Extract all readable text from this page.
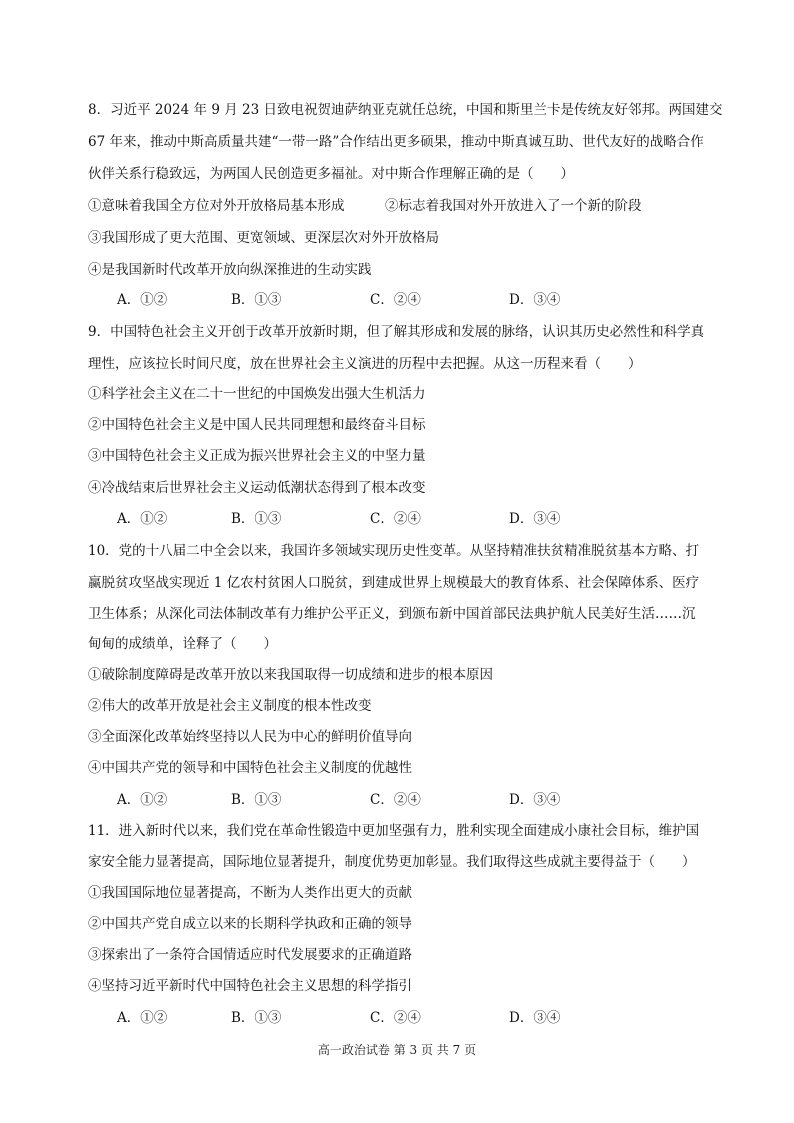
8．习近平 2024 年 9 月 23 日致电祝贺迪萨纳亚克就任总统，中国和斯里兰卡是传统友好邻邦。两国建交
67 年来，推动中斯高质量共建“一带一路”合作结出更多硕果，推动中斯真诚互助、世代友好的战略合作
伙伴关系行稳致远，为两国人民创造更多福祉。对中斯合作理解正确的是（　　）
①意味着我国全方位对外开放格局基本形成　　　②标志着我国对外开放进入了一个新的阶段
③我国形成了更大范围、更宽领域、更深层次对外开放格局
④是我国新时代改革开放向纵深推进的生动实践
A．①②	B．①③	C．②④	D．③④
9．中国特色社会主义开创于改革开放新时期，但了解其形成和发展的脉络，认识其历史必然性和科学真
理性，应该拉长时间尺度，放在世界社会主义演进的历程中去把握。从这一历程来看（　　）
①科学社会主义在二十一世纪的中国焕发出强大生机活力
②中国特色社会主义是中国人民共同理想和最终奋斗目标
③中国特色社会主义正成为振兴世界社会主义的中坚力量
④冷战结束后世界社会主义运动低潮状态得到了根本改变
A．①②	B．①③	C．②④	D．③④
10．党的十八届二中全会以来，我国许多领域实现历史性变革。从坚持精准扶贫精准脱贫基本方略、打
赢脱贫攻坚战实现近 1 亿农村贫困人口脱贫，到建成世界上规模最大的教育体系、社会保障体系、医疗
卫生体系；从深化司法体制改革有力维护公平正义，到颁布新中国首部民法典护航人民美好生活……沉
甸甸的成绩单，诠释了（　　）
①破除制度障碍是改革开放以来我国取得一切成绩和进步的根本原因
②伟大的改革开放是社会主义制度的根本性改变
③全面深化改革始终坚持以人民为中心的鲜明价值导向
④中国共产党的领导和中国特色社会主义制度的优越性
A．①②	B．①③	C．②④	D．③④
11．进入新时代以来，我们党在革命性锻造中更加坚强有力，胜利实现全面建成小康社会目标，维护国
家安全能力显著提高，国际地位显著提升，制度优势更加彰显。我们取得这些成就主要得益于（　　）
①我国国际地位显著提高，不断为人类作出更大的贡献
②中国共产党自成立以来的长期科学执政和正确的领导
③探索出了一条符合国情适应时代发展要求的正确道路
④坚持习近平新时代中国特色社会主义思想的科学指引
A．①②	B．①③	C．②④	D．③④
高一政治试卷 第 3 页 共 7 页
